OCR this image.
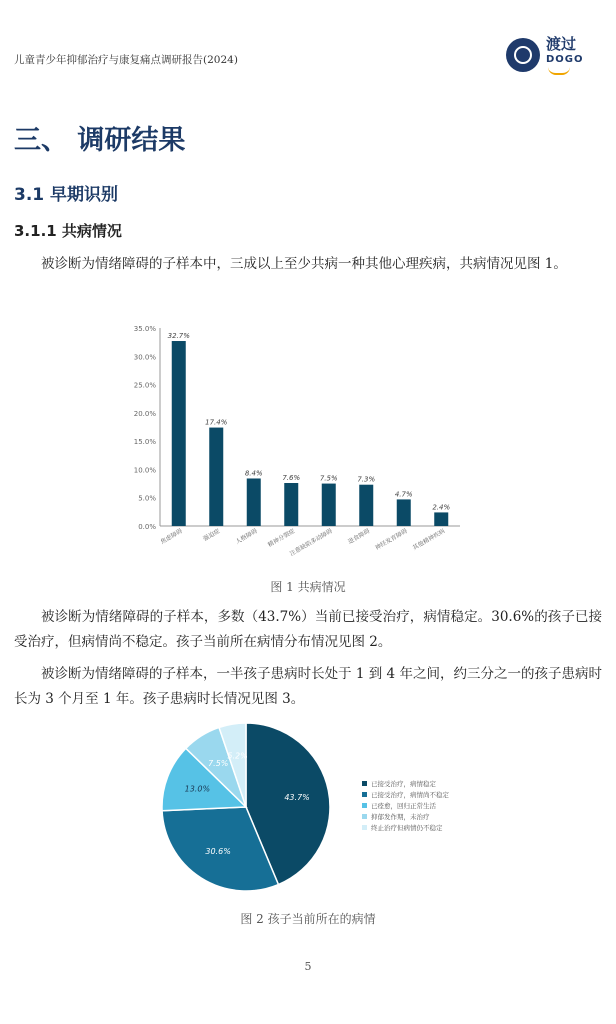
儿童青少年抑郁治疗与康复痛点调研报告(2024)
渡过
DOGO
三、 调研结果
3.1 早期识别
3.1.1 共病情况
被诊断为情绪障碍的子样本中，三成以上至少共病一种其他心理疾病，共病情况见图 1。
0.0%
5.0%
10.0%
15.0%
20.0%
25.0%
30.0%
35.0%
32.7%
焦虑障碍
17.4%
强迫症
8.4%
人格障碍
7.6%
精神分裂症
7.5%
注意缺陷多动障碍
7.3%
进食障碍
4.7%
神经发育障碍
2.4%
其他精神疾病
图 1 共病情况
被诊断为情绪障碍的子样本，多数（43.7%）当前已接受治疗，病情稳定。30.6%的孩子已接受治疗，但病情尚不稳定。孩子当前所在病情分布情况见图 2。
被诊断为情绪障碍的子样本，一半孩子患病时长处于 1 到 4 年之间，约三分之一的孩子患病时长为 3 个月至 1 年。孩子患病时长情况见图 3。
43.7%
30.6%
13.0%
7.5%
5.2%
已接受治疗，病情稳定
已接受治疗，病情尚不稳定
已痊愈，回归正常生活
抑郁发作期，未治疗
终止治疗但病情仍不稳定
图 2 孩子当前所在的病情
5
